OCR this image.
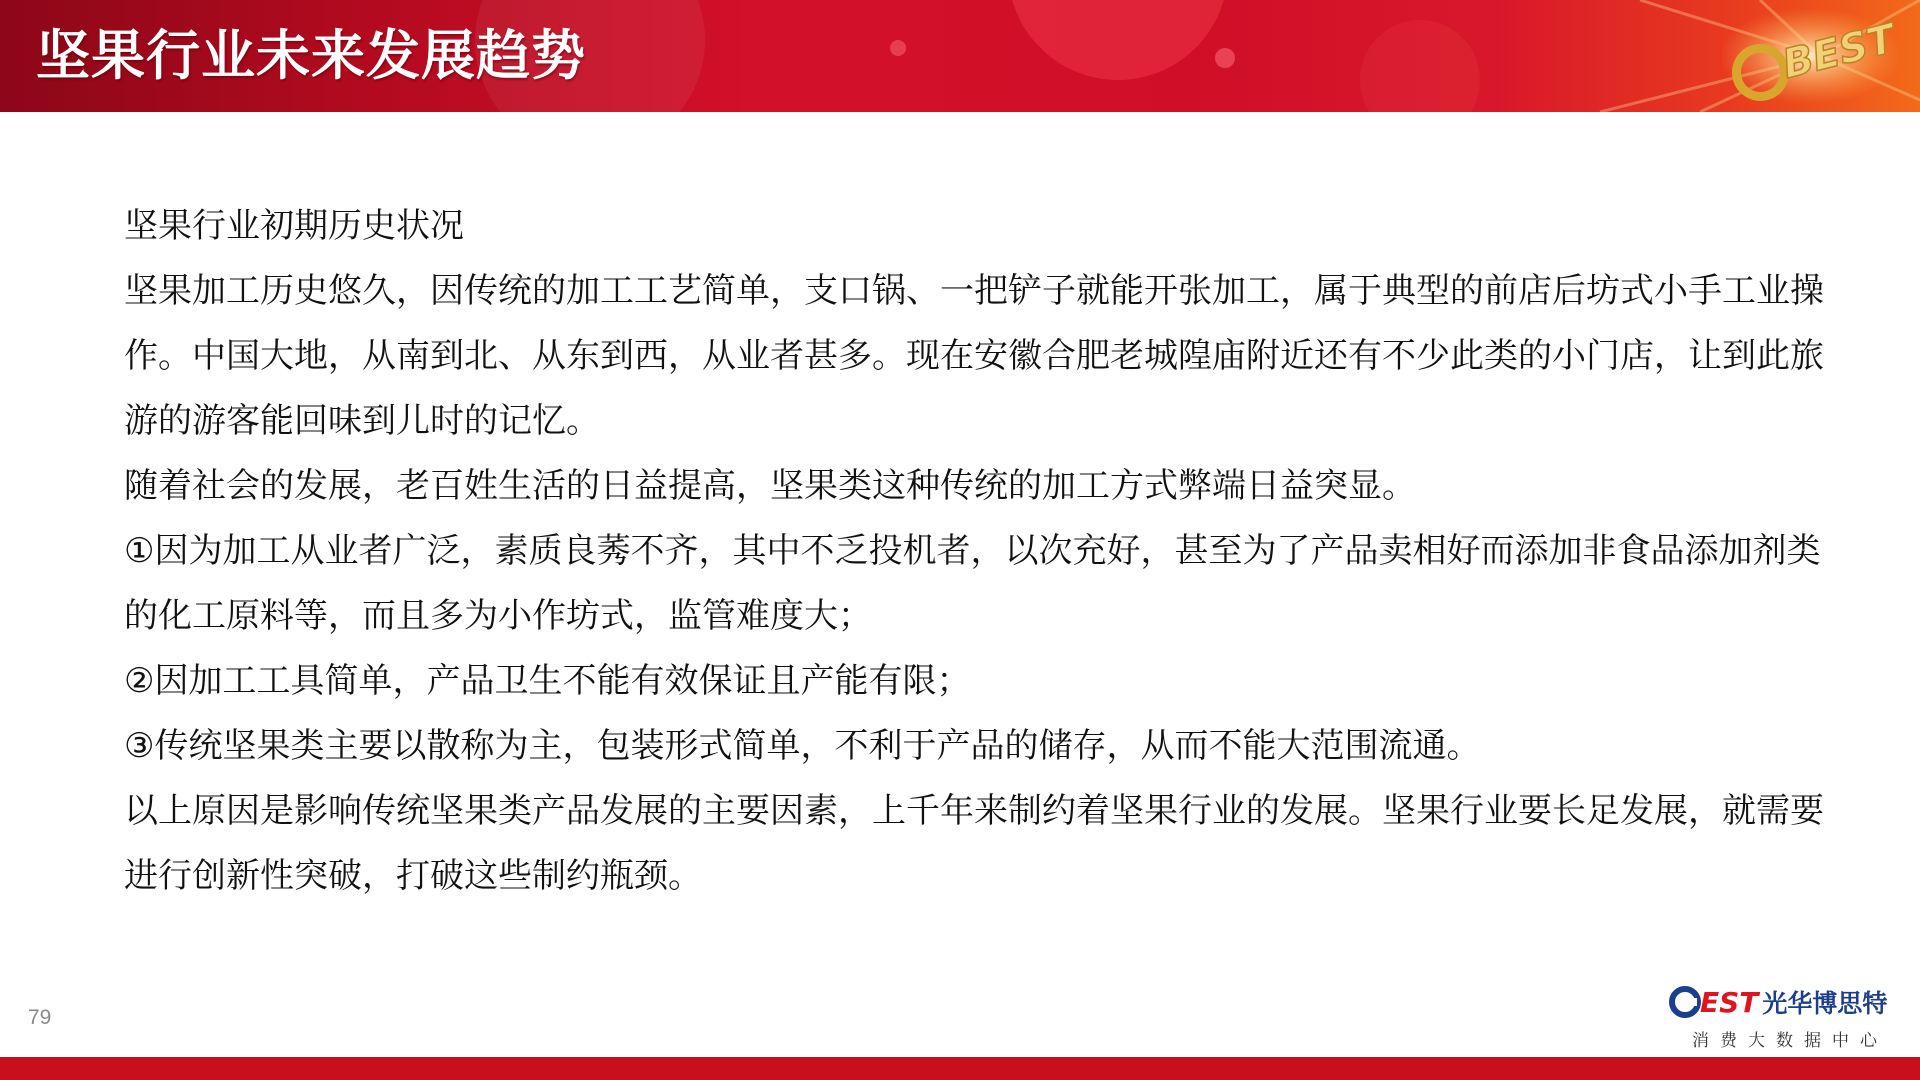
坚果行业未来发展趋势	BEST

坚果行业初期历史状况

坚果加工历史悠久，因传统的加工工艺简单，支口锅、一把铲子就能开张加工，属于典型的前店后坊式小手工业操作。中国大地，从南到北、从东到西，从业者甚多。现在安徽合肥老城隍庙附近还有不少此类的小门店，让到此旅游的游客能回味到儿时的记忆。

随着社会的发展，老百姓生活的日益提高，坚果类这种传统的加工方式弊端日益突显。

①因为加工从业者广泛，素质良莠不齐，其中不乏投机者，以次充好，甚至为了产品卖相好而添加非食品添加剂类的化工原料等，而且多为小作坊式，监管难度大；

②因加工工具简单，产品卫生不能有效保证且产能有限；

③传统坚果类主要以散称为主，包装形式简单，不利于产品的储存，从而不能大范围流通。

以上原因是影响传统坚果类产品发展的主要因素，上千年来制约着坚果行业的发展。坚果行业要长足发展，就需要进行创新性突破，打破这些制约瓶颈。

79	EST 光华博思特
消费大数据中心
